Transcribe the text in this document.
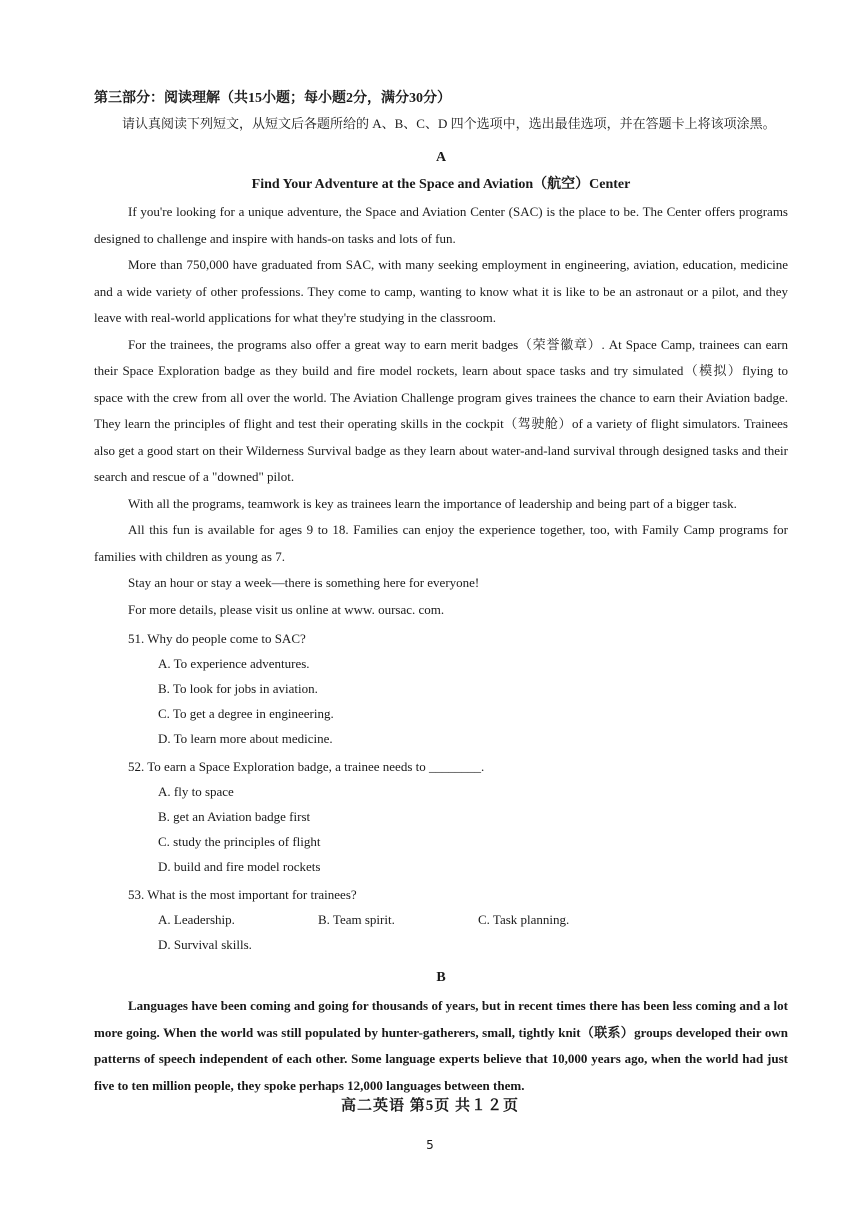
第三部分：阅读理解（共15小题；每小题2分，满分30分）

请认真阅读下列短文，从短文后各题所给的 A、B、C、D 四个选项中，选出最佳选项，并在答题卡上将该项涂黑。

A
Find Your Adventure at the Space and Aviation（航空）Center

If you're looking for a unique adventure, the Space and Aviation Center (SAC) is the place to be. The Center offers programs designed to challenge and inspire with hands-on tasks and lots of fun.

More than 750,000 have graduated from SAC, with many seeking employment in engineering, aviation, education, medicine and a wide variety of other professions. They come to camp, wanting to know what it is like to be an astronaut or a pilot, and they leave with real-world applications for what they're studying in the classroom.

For the trainees, the programs also offer a great way to earn merit badges（荣誉徽章）. At Space Camp, trainees can earn their Space Exploration badge as they build and fire model rockets, learn about space tasks and try simulated（模拟）flying to space with the crew from all over the world. The Aviation Challenge program gives trainees the chance to earn their Aviation badge. They learn the principles of flight and test their operating skills in the cockpit（驾驶舱）of a variety of flight simulators. Trainees also get a good start on their Wilderness Survival badge as they learn about water-and-land survival through designed tasks and their search and rescue of a "downed" pilot.

With all the programs, teamwork is key as trainees learn the importance of leadership and being part of a bigger task.

All this fun is available for ages 9 to 18. Families can enjoy the experience together, too, with Family Camp programs for families with children as young as 7.

Stay an hour or stay a week—there is something here for everyone!

For more details, please visit us online at www. oursac. com.

51. Why do people come to SAC?
A. To experience adventures.
B. To look for jobs in aviation.
C. To get a degree in engineering.
D. To learn more about medicine.
52. To earn a Space Exploration badge, a trainee needs to ________.
A. fly to space
B. get an Aviation badge first
C. study the principles of flight
D. build and fire model rockets
53. What is the most important for trainees?
A. Leadership.	B. Team spirit.	C. Task planning.
D. Survival skills.
B

Languages have been coming and going for thousands of years, but in recent times there has been less coming and a lot more going. When the world was still populated by hunter-gatherers, small, tightly knit（联系）groups developed their own patterns of speech independent of each other. Some language experts believe that 10,000 years ago, when the world had just five to ten million people, they spoke perhaps 12,000 languages between them.

高二英语 第5页 共１２页
5
